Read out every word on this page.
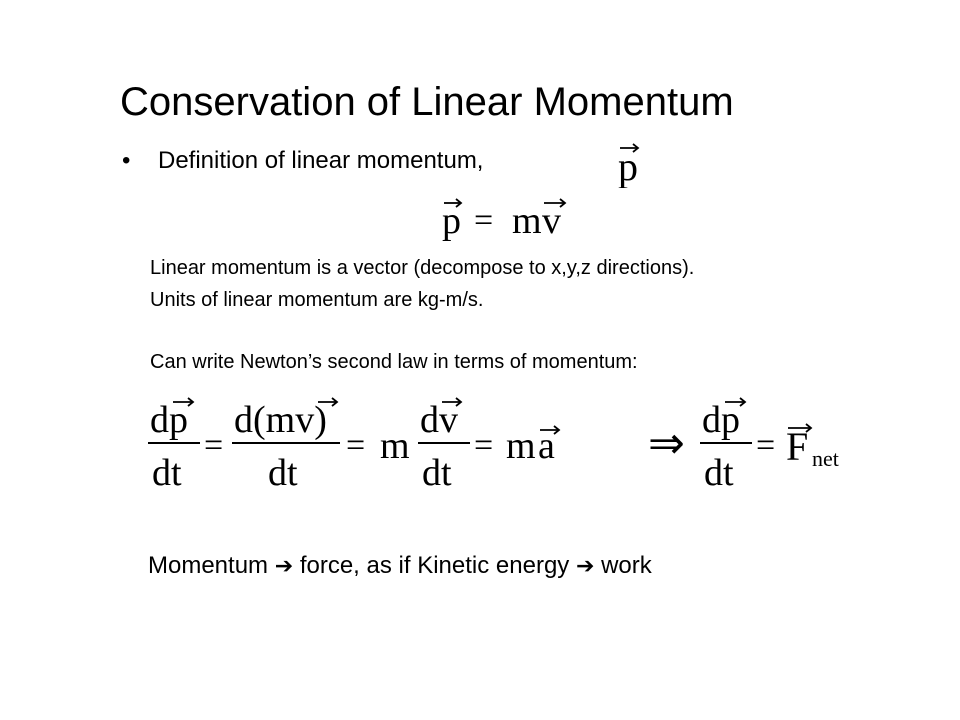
Conservation of Linear Momentum
• Definition of linear momentum,	p
p = m v
Linear momentum is a vector (decompose to x,y,z directions).
Units of linear momentum are kg-m/s.
Can write Newton’s second law in terms of momentum:
dp
dt
=
d(mv)
dt
= m
dv
dt
= m a ⇒ dp
dt
= F net
Momentum ➔ force, as if Kinetic energy ➔ work
